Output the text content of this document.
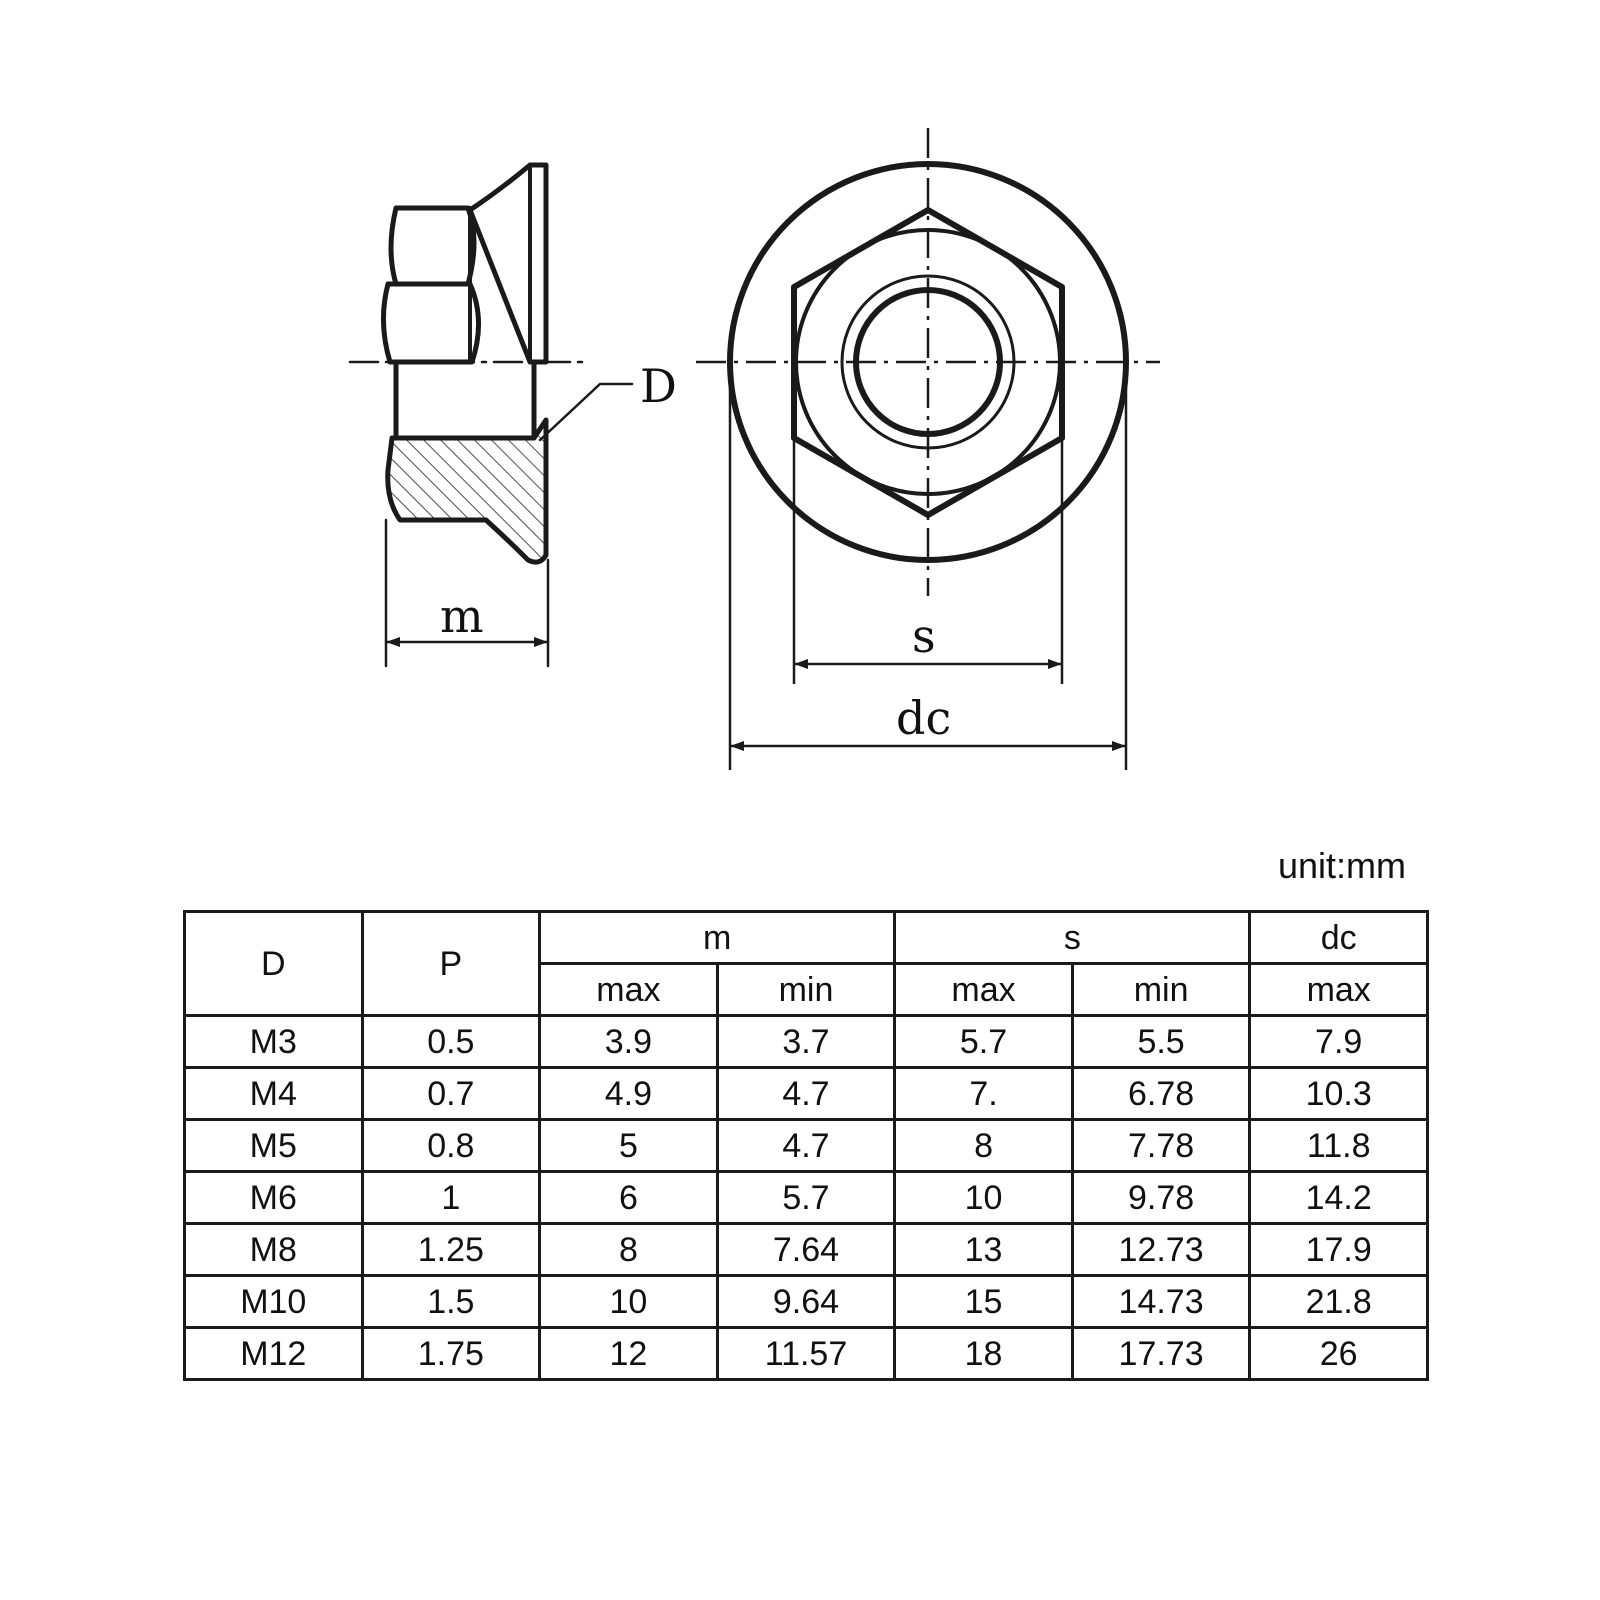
D
m	s
dc
unit:mm
D	P	m		s		dc
		max	min	max	min	max
M3	0.5	3.9	3.7	5.7	5.5	7.9
M4	0.7	4.9	4.7	7.	6.78	10.3
M5	0.8	5	4.7	8	7.78	11.8
M6	1	6	5.7	10	9.78	14.2
M8	1.25	8	7.64	13	12.73	17.9
M10	1.5	10	9.64	15	14.73	21.8
M12	1.75	12	11.57	18	17.73	26
